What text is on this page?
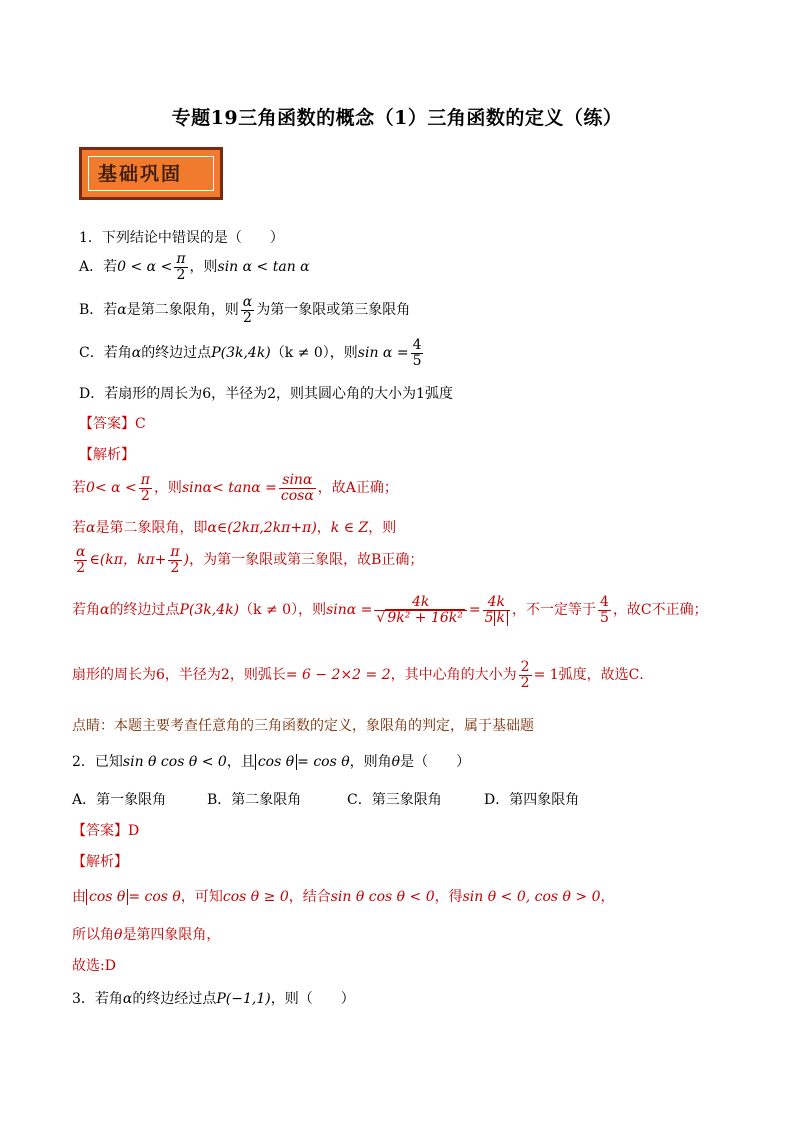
专题19三角函数的概念（1）三角函数的定义（练）
基础巩固
1．下列结论中错误的是（　　）
A．若$0 < \alpha < \frac{\pi}{2}$ ，则sin α < tan α
B．若α是第二象限角，则 $\frac{\alpha}{2}$ 为第一象限或第三象限角
C．若角α的终边过点P(3k,4k)（k ≠ 0），则$\sin \alpha = \frac{4}{5}$
D．若扇形的周长为6，半径为2，则其圆心角的大小为1弧度
【答案】C
【解析】
若$0< \alpha < \frac{\pi}{2}$ ，则$\sin\alpha< \tan\alpha = \frac{\sin\alpha}{\cos\alpha}$ ，故A正确；
若α是第二象限角，即α∈(2kπ,2kπ+π)，k ∈ Z，则
$\frac{\alpha}{2}$ ∈(kπ，$k\pi+ \frac{\pi}{2}$ )，为第一象限或第三象限，故B正确；
若角α的终边过点P(3k,4k)（k ≠ 0），则$\sin\alpha = \frac{4k}{\text{√ 9k² + 16k²}} = \frac{4k}{5 k}$ ，不一定等于 $\frac{4}{5}$ ，故C不正确；
扇形的周长为6，半径为2，则弧长= 6 − 2×2 = 2，其中心角的大小为 $\frac{2}{2} = 1$弧度，故选C．
点睛：本题主要考查任意角的三角函数的定义，象限角的判定，属于基础题
2．已知sin θ cos θ < 0，且 cos θ = cos θ，则角θ是（　　）
A．第一象限角	B．第二象限角	C．第三象限角	D．第四象限角
【答案】D
【解析】
由 cos θ = cos θ，可知cos θ ≥ 0，结合sin θ cos θ < 0，得sin θ < 0, cos θ > 0，
所以角θ是第四象限角，
故选:D
3．若角α的终边经过点P(−1,1)，则（　　）
